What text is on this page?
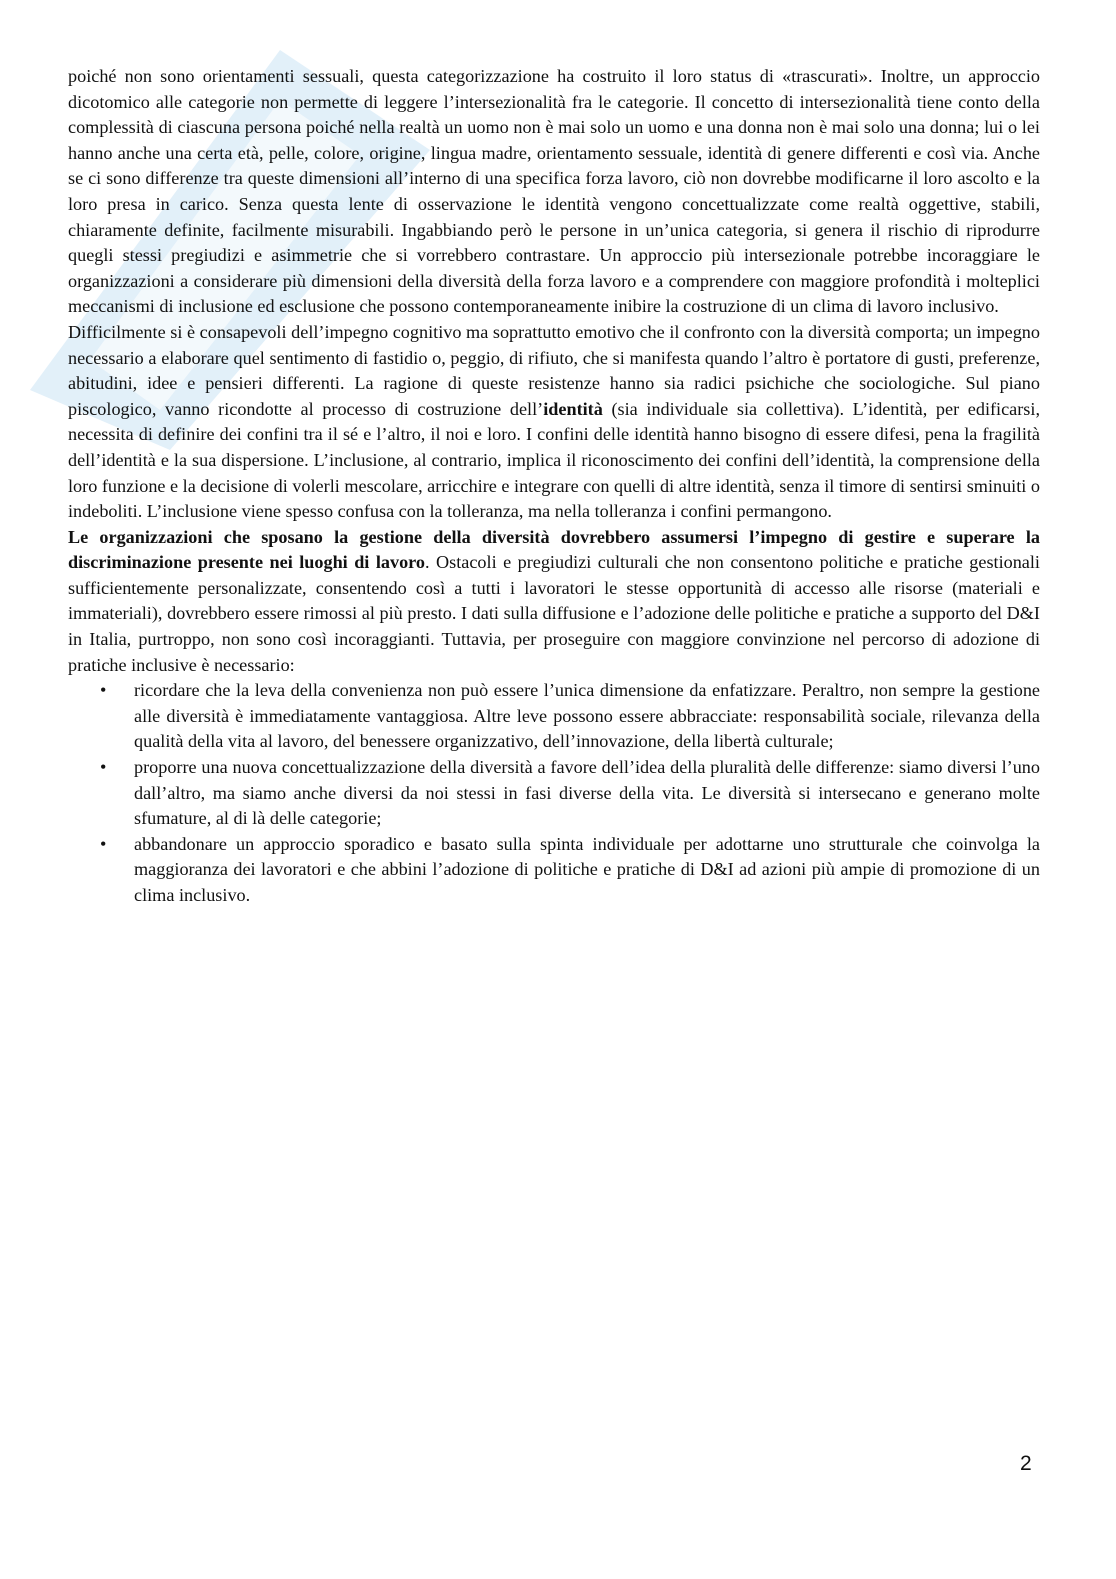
poiché non sono orientamenti sessuali, questa categorizzazione ha costruito il loro status di «trascurati». Inoltre, un approccio dicotomico alle categorie non permette di leggere l’intersezionalità fra le categorie. Il concetto di intersezionalità tiene conto della complessità di ciascuna persona poiché nella realtà un uomo non è mai solo un uomo e una donna non è mai solo una donna; lui o lei hanno anche una certa età, pelle, colore, origine, lingua madre, orientamento sessuale, identità di genere differenti e così via. Anche se ci sono differenze tra queste dimensioni all’interno di una specifica forza lavoro, ciò non dovrebbe modificarne il loro ascolto e la loro presa in carico. Senza questa lente di osservazione le identità vengono concettualizzate come realtà oggettive, stabili, chiaramente definite, facilmente misurabili. Ingabbiando però le persone in un’unica categoria, si genera il rischio di riprodurre quegli stessi pregiudizi e asimmetrie che si vorrebbero contrastare. Un approccio più intersezionale potrebbe incoraggiare le organizzazioni a considerare più dimensioni della diversità della forza lavoro e a comprendere con maggiore profondità i molteplici meccanismi di inclusione ed esclusione che possono contemporaneamente inibire la costruzione di un clima di lavoro inclusivo.

Difficilmente si è consapevoli dell’impegno cognitivo ma soprattutto emotivo che il confronto con la diversità comporta; un impegno necessario a elaborare quel sentimento di fastidio o, peggio, di rifiuto, che si manifesta quando l’altro è portatore di gusti, preferenze, abitudini, idee e pensieri differenti. La ragione di queste resistenze hanno sia radici psichiche che sociologiche. Sul piano piscologico, vanno ricondotte al processo di costruzione dell’identità (sia individuale sia collettiva). L’identità, per edificarsi, necessita di definire dei confini tra il sé e l’altro, il noi e loro. I confini delle identità hanno bisogno di essere difesi, pena la fragilità dell’identità e la sua dispersione. L’inclusione, al contrario, implica il riconoscimento dei confini dell’identità, la comprensione della loro funzione e la decisione di volerli mescolare, arricchire e integrare con quelli di altre identità, senza il timore di sentirsi sminuiti o indeboliti. L’inclusione viene spesso confusa con la tolleranza, ma nella tolleranza i confini permangono.

Le organizzazioni che sposano la gestione della diversità dovrebbero assumersi l’impegno di gestire e superare la discriminazione presente nei luoghi di lavoro. Ostacoli e pregiudizi culturali che non consentono politiche e pratiche gestionali sufficientemente personalizzate, consentendo così a tutti i lavoratori le stesse opportunità di accesso alle risorse (materiali e immateriali), dovrebbero essere rimossi al più presto. I dati sulla diffusione e l’adozione delle politiche e pratiche a supporto del D&I in Italia, purtroppo, non sono così incoraggianti. Tuttavia, per proseguire con maggiore convinzione nel percorso di adozione di pratiche inclusive è necessario:

•	ricordare che la leva della convenienza non può essere l’unica dimensione da enfatizzare. Peraltro, non sempre la gestione alle diversità è immediatamente vantaggiosa. Altre leve possono essere abbracciate: responsabilità sociale, rilevanza della qualità della vita al lavoro, del benessere organizzativo, dell’innovazione, della libertà culturale;
•	proporre una nuova concettualizzazione della diversità a favore dell’idea della pluralità delle differenze: siamo diversi l’uno dall’altro, ma siamo anche diversi da noi stessi in fasi diverse della vita. Le diversità si intersecano e generano molte sfumature, al di là delle categorie;
•	abbandonare un approccio sporadico e basato sulla spinta individuale per adottarne uno strutturale che coinvolga la maggioranza dei lavoratori e che abbini l’adozione di politiche e pratiche di D&I ad azioni più ampie di promozione di un clima inclusivo.
2
